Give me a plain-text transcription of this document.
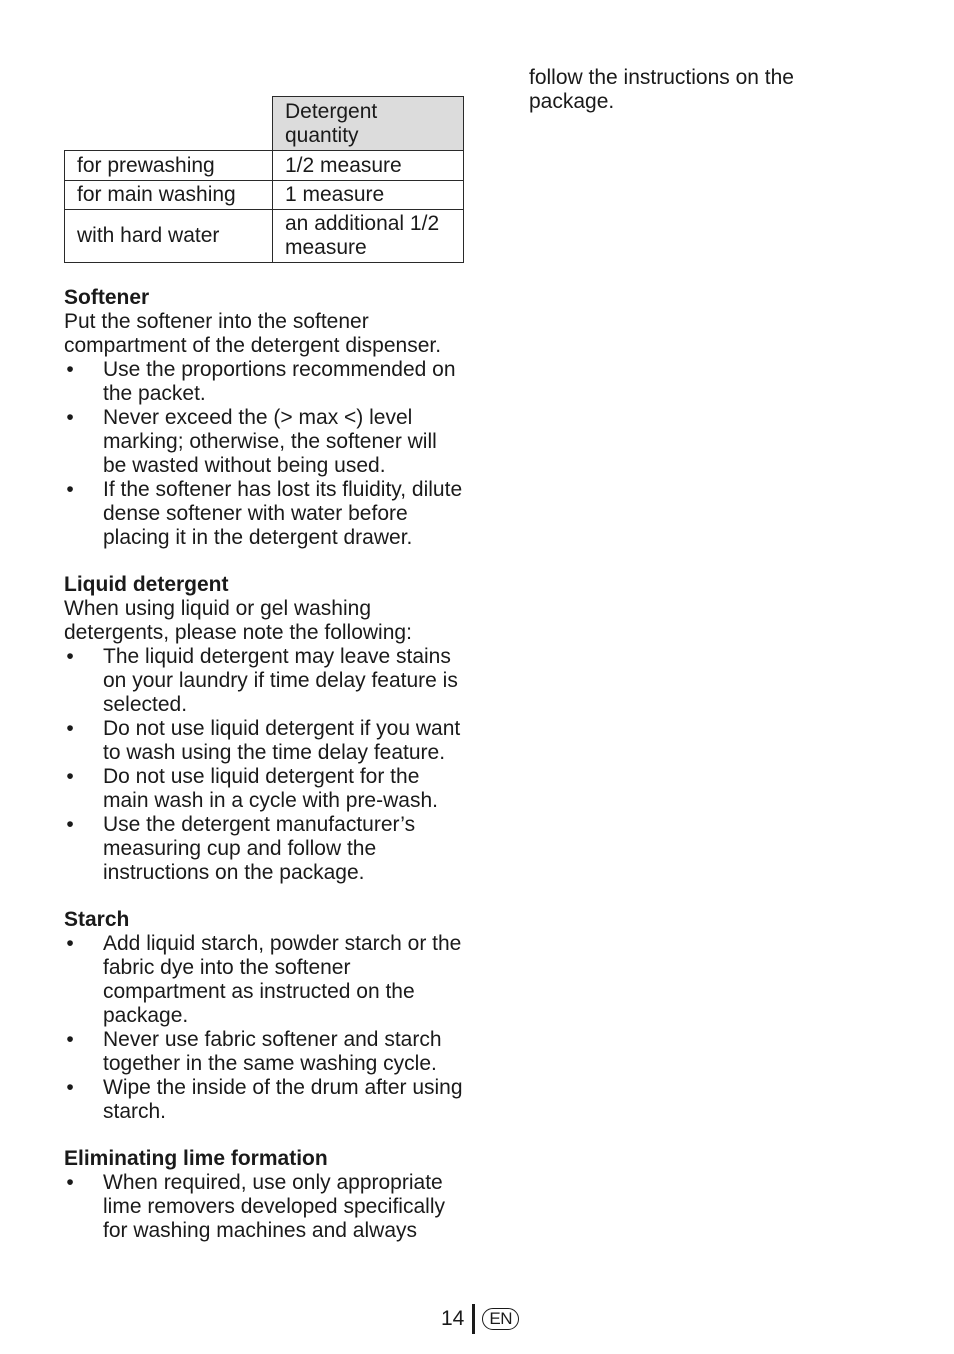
	Detergent quantity
for prewashing	1/2 measure
for main washing	1 measure
with hard water	an additional 1/2 measure
Softener

Put the softener into the softener compartment of the detergent dispenser.

• Use the proportions recommended on the packet.
• Never exceed the (> max <) level marking; otherwise, the softener will be wasted without being used.
• If the softener has lost its fluidity, dilute dense softener with water before placing it in the detergent drawer.
Liquid detergent

When using liquid or gel washing detergents, please note the following:

• The liquid detergent may leave stains on your laundry if time delay feature is selected.
• Do not use liquid detergent if you want to wash using the time delay feature.
• Do not use liquid detergent for the main wash in a cycle with pre-wash.
• Use the detergent manufacturer’s measuring cup and follow the instructions on the package.
Starch
• Add liquid starch, powder starch or the fabric dye into the softener compartment as instructed on the package.
• Never use fabric softener and starch together in the same washing cycle.
• Wipe the inside of the drum after using starch.
Eliminating lime formation
• When required, use only appropriate lime removers developed specifically for washing machines and always

follow the instructions on the package.

14	EN
